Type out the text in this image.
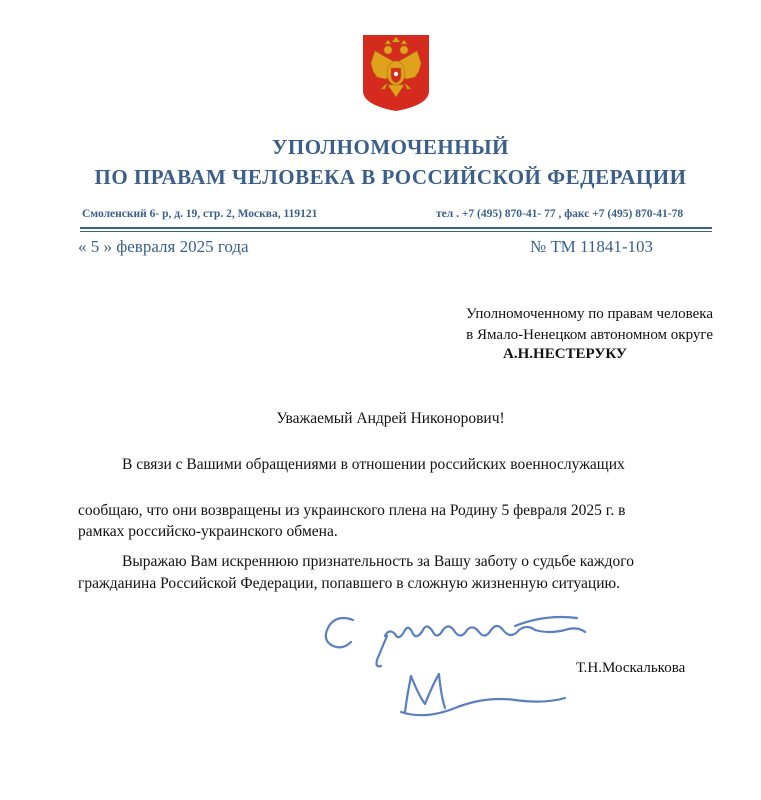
УПОЛНОМОЧЕННЫЙ
ПО ПРАВАМ ЧЕЛОВЕКА В РОССИЙСКОЙ ФЕДЕРАЦИИ
Смоленский 6- р, д. 19, стр. 2, Москва, 119121	тел . +7 (495) 870-41- 77 , факс +7 (495) 870-41-78
« 5 » февраля 2025 года	№ ТМ 11841-103
Уполномоченному по правам человека
в Ямало-Ненецком автономном округе
А.Н.НЕСТЕРУКУ
Уважаемый Андрей Никонорович!
В связи с Вашими обращениями в отношении российских военнослужащих
сообщаю, что они возвращены из украинского плена на Родину 5 февраля 2025 г. в
рамках российско-украинского обмена.
Выражаю Вам искреннюю признательность за Вашу заботу о судьбе каждого
гражданина Российской Федерации, попавшего в сложную жизненную ситуацию.
Т.Н.Москалькова
